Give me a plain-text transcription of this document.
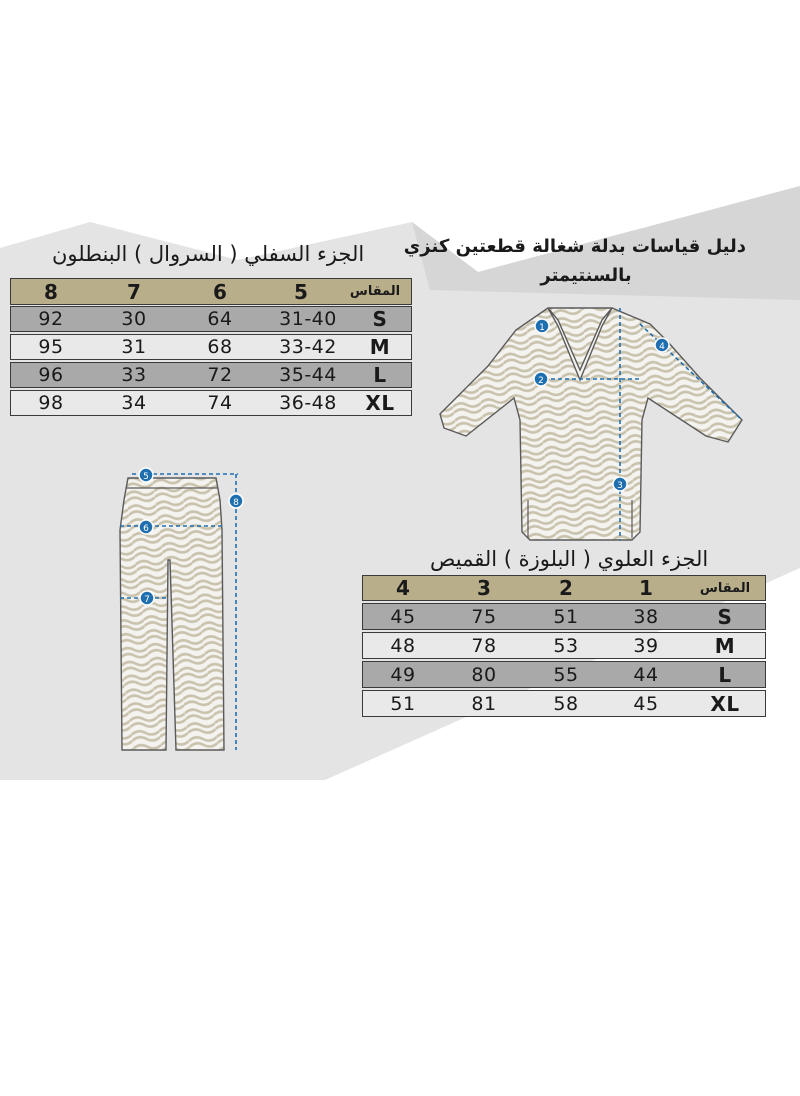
دليل قياسات بدلة شغالة قطعتين كنزي
بالسنتيمتر
الجزء السفلي ( السروال ) البنطلون
الجزء العلوي ( البلوزة ) القميص
8	7	6	5	المقاس
92	30	64	31-40	S
95	31	68	33-42	M
96	33	72	35-44	L
98	34	74	36-48	XL
4	3	2	1	المقاس
45	75	51	38	S
48	78	53	39	M
49	80	55	44	L
51	81	58	45	XL
1
2
3
4
5
6
7
8
